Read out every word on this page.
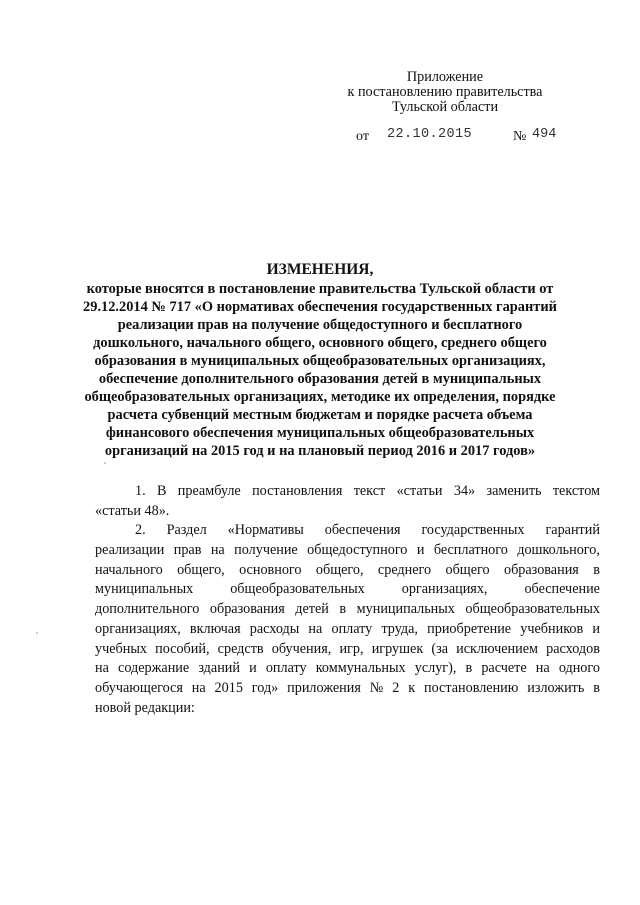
Приложение
к постановлению правительства
Тульской области
от 22.10.2015	№ 494
ИЗМЕНЕНИЯ,
которые вносятся в постановление правительства Тульской области от
29.12.2014 № 717 «О нормативах обеспечения государственных гарантий
реализации прав на получение общедоступного и бесплатного
дошкольного, начального общего, основного общего, среднего общего
образования в муниципальных общеобразовательных организациях,
обеспечение дополнительного образования детей в муниципальных
общеобразовательных организациях, методике их определения, порядке
расчета субвенций местным бюджетам и порядке расчета объема
финансового обеспечения муниципальных общеобразовательных
организаций на 2015 год и на плановый период 2016 и 2017 годов»
1. В преамбуле постановления текст «статьи 34» заменить текстом
«статьи 48».
2. Раздел «Нормативы обеспечения государственных гарантий
реализации прав на получение общедоступного и бесплатного дошкольного,
начального общего, основного общего, среднего общего образования в
муниципальных	общеобразовательных	организациях,	обеспечение
дополнительного образования детей в муниципальных общеобразовательных
организациях, включая расходы на оплату труда, приобретение учебников и
учебных пособий, средств обучения, игр, игрушек (за исключением расходов
на содержание зданий и оплату коммунальных услуг), в расчете на одного
обучающегося на 2015 год» приложения № 2 к постановлению изложить в
новой редакции:
